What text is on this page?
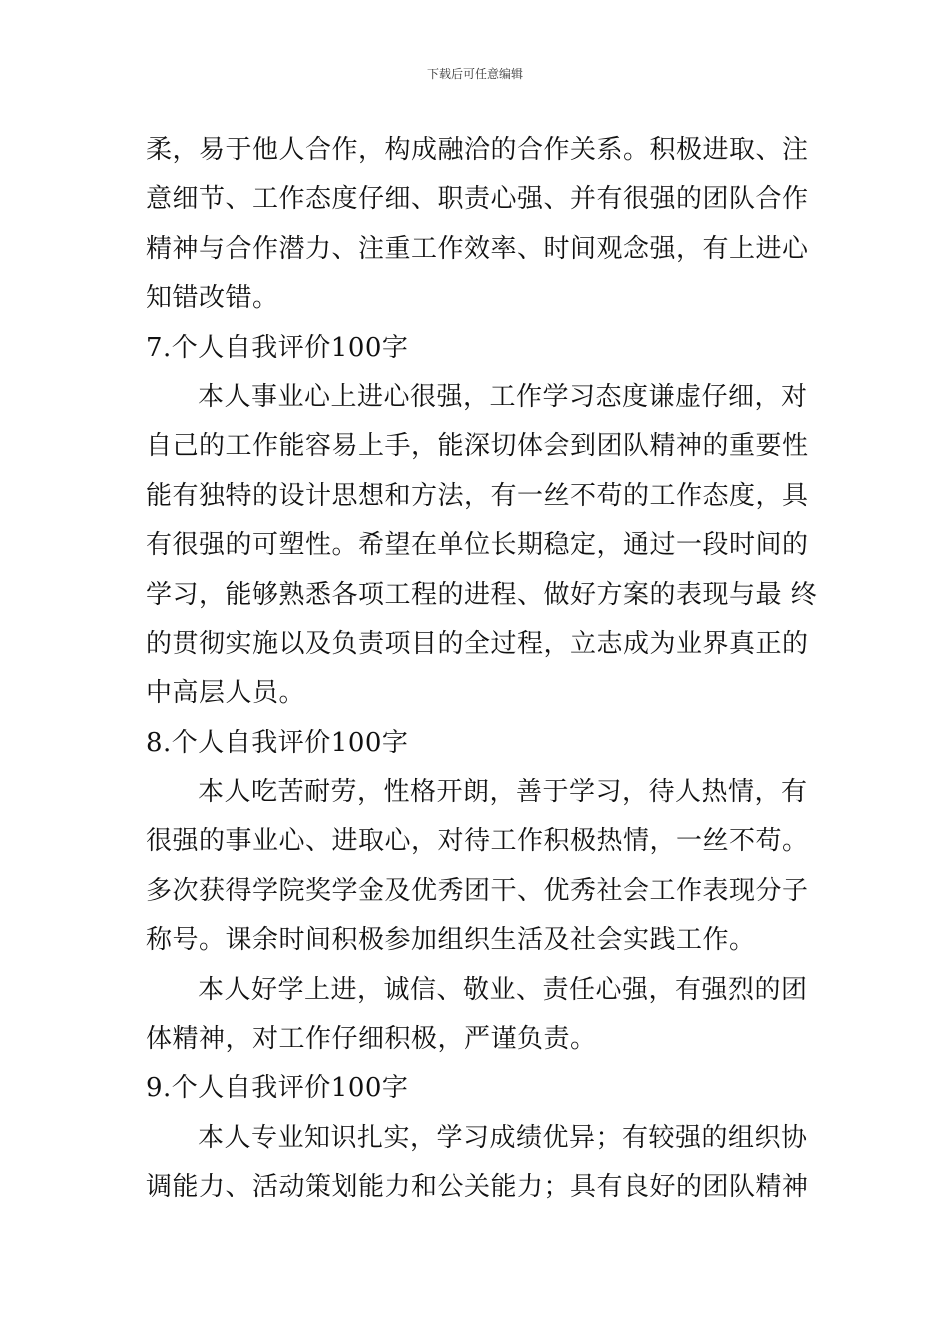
下载后可任意编辑
柔，易于他人合作，构成融洽的合作关系。积极进取、注
意细节、工作态度仔细、职责心强、并有很强的团队合作
精神与合作潜力、注重工作效率、时间观念强，有上进心
知错改错。
7.个人自我评价100字
本人事业心上进心很强，工作学习态度谦虚仔细，对
自己的工作能容易上手，能深切体会到团队精神的重要性
能有独特的设计思想和方法，有一丝不苟的工作态度，具
有很强的可塑性。希望在单位长期稳定，通过一段时间的
学习，能够熟悉各项工程的进程、做好方案的表现与最 终
的贯彻实施以及负责项目的全过程，立志成为业界真正的
中高层人员。
8.个人自我评价100字
本人吃苦耐劳，性格开朗，善于学习，待人热情，有
很强的事业心、进取心，对待工作积极热情，一丝不苟。
多次获得学院奖学金及优秀团干、优秀社会工作表现分子
称号。课余时间积极参加组织生活及社会实践工作。
本人好学上进，诚信、敬业、责任心强，有强烈的团
体精神，对工作仔细积极，严谨负责。
9.个人自我评价100字
本人专业知识扎实，学习成绩优异；有较强的组织协
调能力、活动策划能力和公关能力；具有良好的团队精神
